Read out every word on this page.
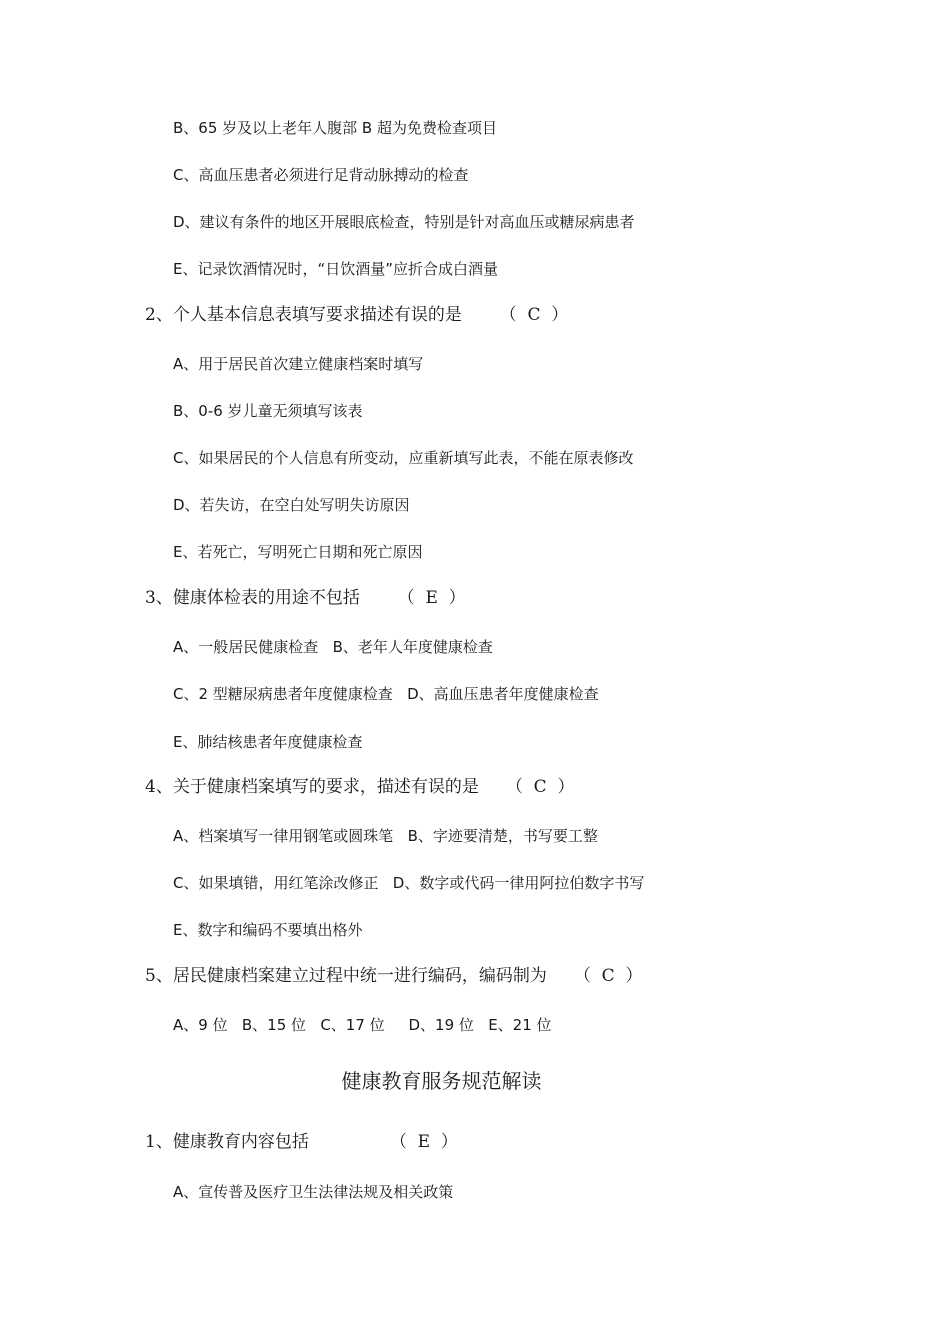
B、65 岁及以上老年人腹部 B 超为免费检查项目
C、高血压患者必须进行足背动脉搏动的检查
D、建议有条件的地区开展眼底检查，特别是针对高血压或糖尿病患者
E、记录饮酒情况时，“日饮酒量”应折合成白酒量
2、个人基本信息表填写要求描述有误的是       （  C  ）
A、用于居民首次建立健康档案时填写
B、0-6 岁儿童无须填写该表
C、如果居民的个人信息有所变动，应重新填写此表，不能在原表修改
D、若失访，在空白处写明失访原因
E、若死亡，写明死亡日期和死亡原因
3、健康体检表的用途不包括       （  E  ）
A、一般居民健康检查   B、老年人年度健康检查
C、2 型糖尿病患者年度健康检查   D、高血压患者年度健康检查
E、肺结核患者年度健康检查
4、关于健康档案填写的要求，描述有误的是     （  C  ）
A、档案填写一律用钢笔或圆珠笔   B、字迹要清楚，书写要工整
C、如果填错，用红笔涂改修正   D、数字或代码一律用阿拉伯数字书写
E、数字和编码不要填出格外
5、居民健康档案建立过程中统一进行编码，编码制为     （  C  ）
A、9 位   B、15 位   C、17 位     D、19 位   E、21 位
健康教育服务规范解读
1、健康教育内容包括               （  E  ）
A、宣传普及医疗卫生法律法规及相关政策
